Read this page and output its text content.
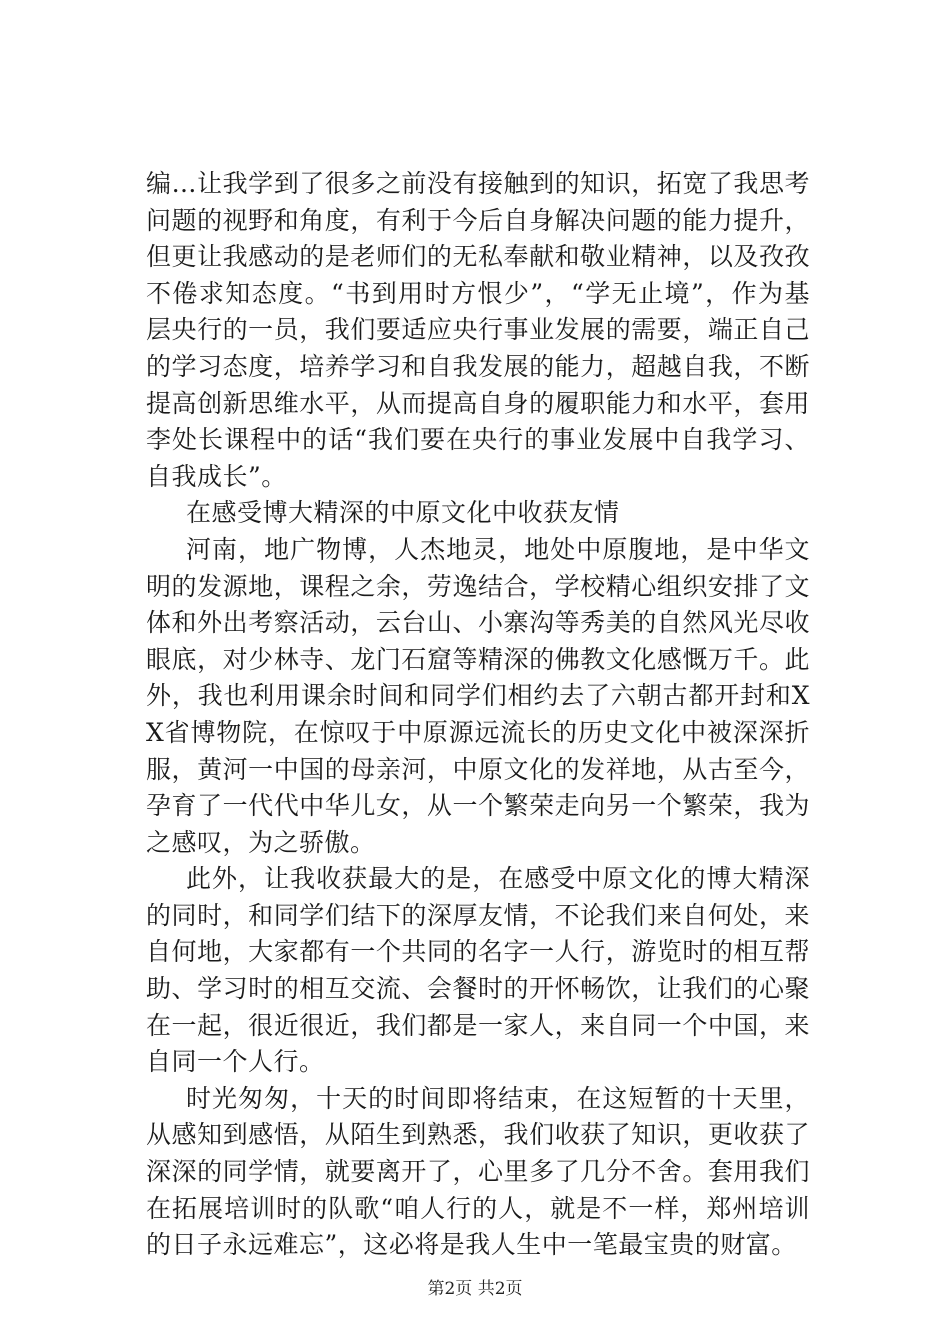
编…让我学到了很多之前没有接触到的知识，拓宽了我思考问题的视野和角度，有利于今后自身解决问题的能力提升，但更让我感动的是老师们的无私奉献和敬业精神，以及孜孜不倦求知态度。“书到用时方恨少”，“学无止境”，作为基层央行的一员，我们要适应央行事业发展的需要，端正自己的学习态度，培养学习和自我发展的能力，超越自我，不断提高创新思维水平，从而提高自身的履职能力和水平，套用李处长课程中的话“我们要在央行的事业发展中自我学习、自我成长”。

在感受博大精深的中原文化中收获友情

河南，地广物博，人杰地灵，地处中原腹地，是中华文明的发源地，课程之余，劳逸结合，学校精心组织安排了文体和外出考察活动，云台山、小寨沟等秀美的自然风光尽收眼底，对少林寺、龙门石窟等精深的佛教文化感慨万千。此外，我也利用课余时间和同学们相约去了六朝古都开封和XX省博物院，在惊叹于中原源远流长的历史文化中被深深折服，黄河一中国的母亲河，中原文化的发祥地，从古至今，孕育了一代代中华儿女，从一个繁荣走向另一个繁荣，我为之感叹，为之骄傲。

此外，让我收获最大的是，在感受中原文化的博大精深的同时，和同学们结下的深厚友情，不论我们来自何处，来自何地，大家都有一个共同的名字一人行，游览时的相互帮助、学习时的相互交流、会餐时的开怀畅饮，让我们的心聚在一起，很近很近，我们都是一家人，来自同一个中国，来自同一个人行。

时光匆匆，十天的时间即将结束，在这短暂的十天里，从感知到感悟，从陌生到熟悉，我们收获了知识，更收获了深深的同学情，就要离开了，心里多了几分不舍。套用我们在拓展培训时的队歌“咱人行的人，就是不一样，郑州培训的日子永远难忘”，这必将是我人生中一笔最宝贵的财富。

第2页 共2页
